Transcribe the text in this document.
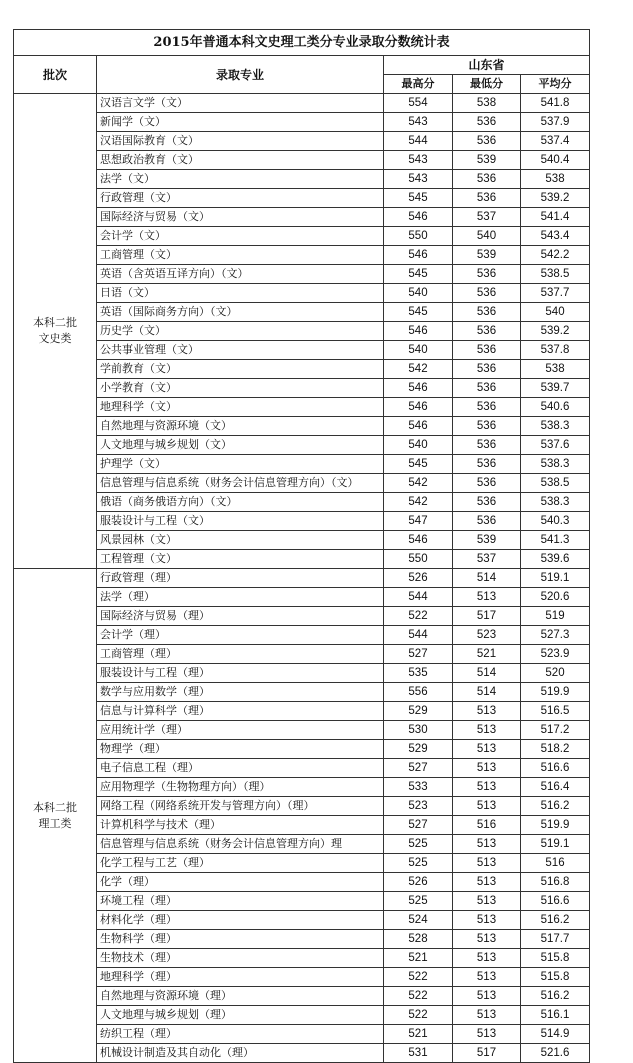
2015年普通本科文史理工类分专业录取分数统计表				
批次	录取专业	山东省		
		最高分	最低分	平均分

本科二批
文史类	汉语言文学（文）	554	538	541.8
	新闻学（文）	543	536	537.9
	汉语国际教育（文）	544	536	537.4
	思想政治教育（文）	543	539	540.4
	法学（文）	543	536	538
	行政管理（文）	545	536	539.2
	国际经济与贸易（文）	546	537	541.4
	会计学（文）	550	540	543.4
	工商管理（文）	546	539	542.2
	英语（含英语互译方向）（文）	545	536	538.5
	日语（文）	540	536	537.7
	英语（国际商务方向）（文）	545	536	540
	历史学（文）	546	536	539.2
	公共事业管理（文）	540	536	537.8
	学前教育（文）	542	536	538
	小学教育（文）	546	536	539.7
	地理科学（文）	546	536	540.6
	自然地理与资源环境（文）	546	536	538.3
	人文地理与城乡规划（文）	540	536	537.6
	护理学（文）	545	536	538.3
	信息管理与信息系统（财务会计信息管理方向）（文）	542	536	538.5
	俄语（商务俄语方向）（文）	542	536	538.3
	服装设计与工程（文）	547	536	540.3
	风景园林（文）	546	539	541.3
	工程管理（文）	550	537	539.6

本科二批
理工类	行政管理（理）	526	514	519.1
	法学（理）	544	513	520.6
	国际经济与贸易（理）	522	517	519
	会计学（理）	544	523	527.3
	工商管理（理）	527	521	523.9
	服装设计与工程（理）	535	514	520
	数学与应用数学（理）	556	514	519.9
	信息与计算科学（理）	529	513	516.5
	应用统计学（理）	530	513	517.2
	物理学（理）	529	513	518.2
	电子信息工程（理）	527	513	516.6
	应用物理学（生物物理方向）（理）	533	513	516.4
	网络工程（网络系统开发与管理方向）（理）	523	513	516.2
	计算机科学与技术（理）	527	516	519.9
	信息管理与信息系统（财务会计信息管理方向）理	525	513	519.1
	化学工程与工艺（理）	525	513	516
	化学（理）	526	513	516.8
	环境工程（理）	525	513	516.6
	材料化学（理）	524	513	516.2
	生物科学（理）	528	513	517.7
	生物技术（理）	521	513	515.8
	地理科学（理）	522	513	515.8
	自然地理与资源环境（理）	522	513	516.2
	人文地理与城乡规划（理）	522	513	516.1
	纺织工程（理）	521	513	514.9
	机械设计制造及其自动化（理）	531	517	521.6
